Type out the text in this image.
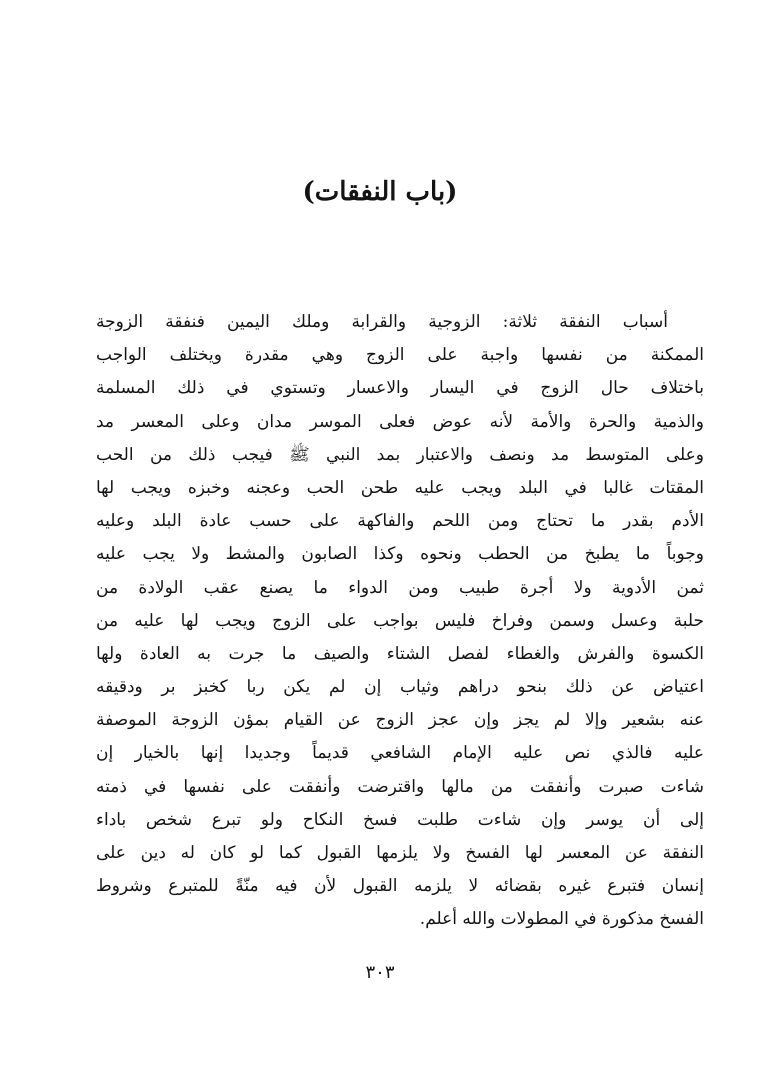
(باب النفقات)
أسباب النفقة ثلاثة: الزوجية والقرابة وملك اليمين فنفقة الزوجة
الممكنة من نفسها واجبة على الزوج وهي مقدرة ويختلف الواجب
باختلاف حال الزوج في اليسار والاعسار وتستوي في ذلك المسلمة
والذمية والحرة والأمة لأنه عوض فعلى الموسر مدان وعلى المعسر مد
وعلى المتوسط مد ونصف والاعتبار بمد النبي ﷺ فيجب ذلك من الحب
المقتات غالبا في البلد ويجب عليه طحن الحب وعجنه وخبزه ويجب لها
الأدم بقدر ما تحتاج ومن اللحم والفاكهة على حسب عادة البلد وعليه
وجوباً ما يطبخ من الحطب ونحوه وكذا الصابون والمشط ولا يجب عليه
ثمن الأدوية ولا أجرة طبيب ومن الدواء ما يصنع عقب الولادة من
حلبة وعسل وسمن وفراخ فليس بواجب على الزوج ويجب لها عليه من
الكسوة والفرش والغطاء لفصل الشتاء والصيف ما جرت به العادة ولها
اعتياض عن ذلك بنحو دراهم وثياب إن لم يكن ربا كخبز بر ودقيقه
عنه بشعير وإلا لم يجز وإن عجز الزوج عن القيام بمؤن الزوجة الموصفة
عليه فالذي نص عليه الإمام الشافعي قديماً وجديدا إنها بالخيار إن
شاءت صبرت وأنفقت من مالها واقترضت وأنفقت على نفسها في ذمته
إلى أن يوسر وإن شاءت طلبت فسخ النكاح ولو تبرع شخص باداء
النفقة عن المعسر لها الفسخ ولا يلزمها القبول كما لو كان له دين على
إنسان فتبرع غيره بقضائه لا يلزمه القبول لأن فيه منّةً للمتبرع وشروط
الفسخ مذكورة في المطولات والله أعلم.
٣٠٣
